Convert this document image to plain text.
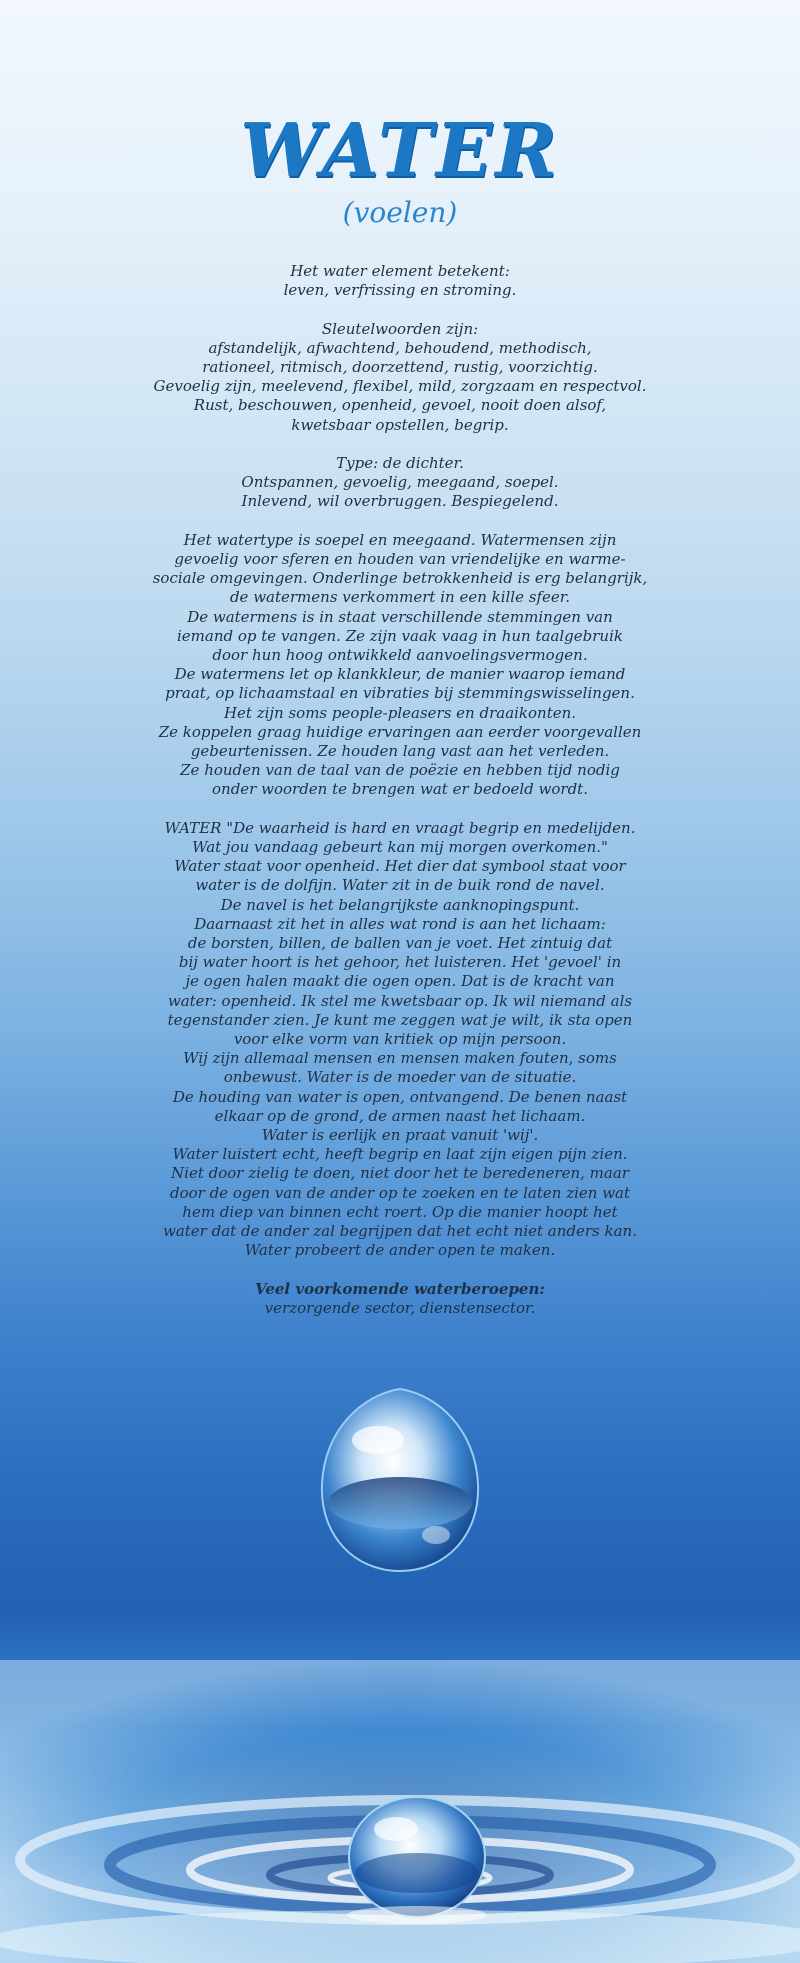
WATER
(voelen)
Het water element betekent:
leven, verfrissing en stroming.
Sleutelwoorden zijn:
afstandelijk, afwachtend, behoudend, methodisch,
rationeel, ritmisch, doorzettend, rustig, voorzichtig.
Gevoelig zijn, meelevend, flexibel, mild, zorgzaam en respectvol.
Rust, beschouwen, openheid, gevoel, nooit doen alsof,
kwetsbaar opstellen, begrip.
Type: de dichter.
Ontspannen, gevoelig, meegaand, soepel.
Inlevend, wil overbruggen. Bespiegelend.
Het watertype is soepel en meegaand. Watermensen zijn
gevoelig voor sferen en houden van vriendelijke en warme-
sociale omgevingen. Onderlinge betrokkenheid is erg belangrijk,
de watermens verkommert in een kille sfeer.
De watermens is in staat verschillende stemmingen van
iemand op te vangen. Ze zijn vaak vaag in hun taalgebruik
door hun hoog ontwikkeld aanvoelingsvermogen.
De watermens let op klankkleur, de manier waarop iemand
praat, op lichaamstaal en vibraties bij stemmingswisselingen.
Het zijn soms people-pleasers en draaikonten.
Ze koppelen graag huidige ervaringen aan eerder voorgevallen
gebeurtenissen. Ze houden lang vast aan het verleden.
Ze houden van de taal van de poëzie en hebben tijd nodig
onder woorden te brengen wat er bedoeld wordt.
WATER "De waarheid is hard en vraagt begrip en medelijden.
Wat jou vandaag gebeurt kan mij morgen overkomen."
Water staat voor openheid. Het dier dat symbool staat voor
water is de dolfijn. Water zit in de buik rond de navel.
De navel is het belangrijkste aanknopingspunt.
Daarnaast zit het in alles wat rond is aan het lichaam:
de borsten, billen, de ballen van je voet. Het zintuig dat
bij water hoort is het gehoor, het luisteren. Het 'gevoel' in
je ogen halen maakt die ogen open. Dat is de kracht van
water: openheid. Ik stel me kwetsbaar op. Ik wil niemand als
tegenstander zien. Je kunt me zeggen wat je wilt, ik sta open
voor elke vorm van kritiek op mijn persoon.
Wij zijn allemaal mensen en mensen maken fouten, soms
onbewust. Water is de moeder van de situatie.
De houding van water is open, ontvangend. De benen naast
elkaar op de grond, de armen naast het lichaam.
Water is eerlijk en praat vanuit 'wij'.
Water luistert echt, heeft begrip en laat zijn eigen pijn zien.
Niet door zielig te doen, niet door het te beredeneren, maar
door de ogen van de ander op te zoeken en te laten zien wat
hem diep van binnen echt roert. Op die manier hoopt het
water dat de ander zal begrijpen dat het echt niet anders kan.
Water probeert de ander open te maken.
Veel voorkomende waterberoepen:
verzorgende sector, dienstensector.
